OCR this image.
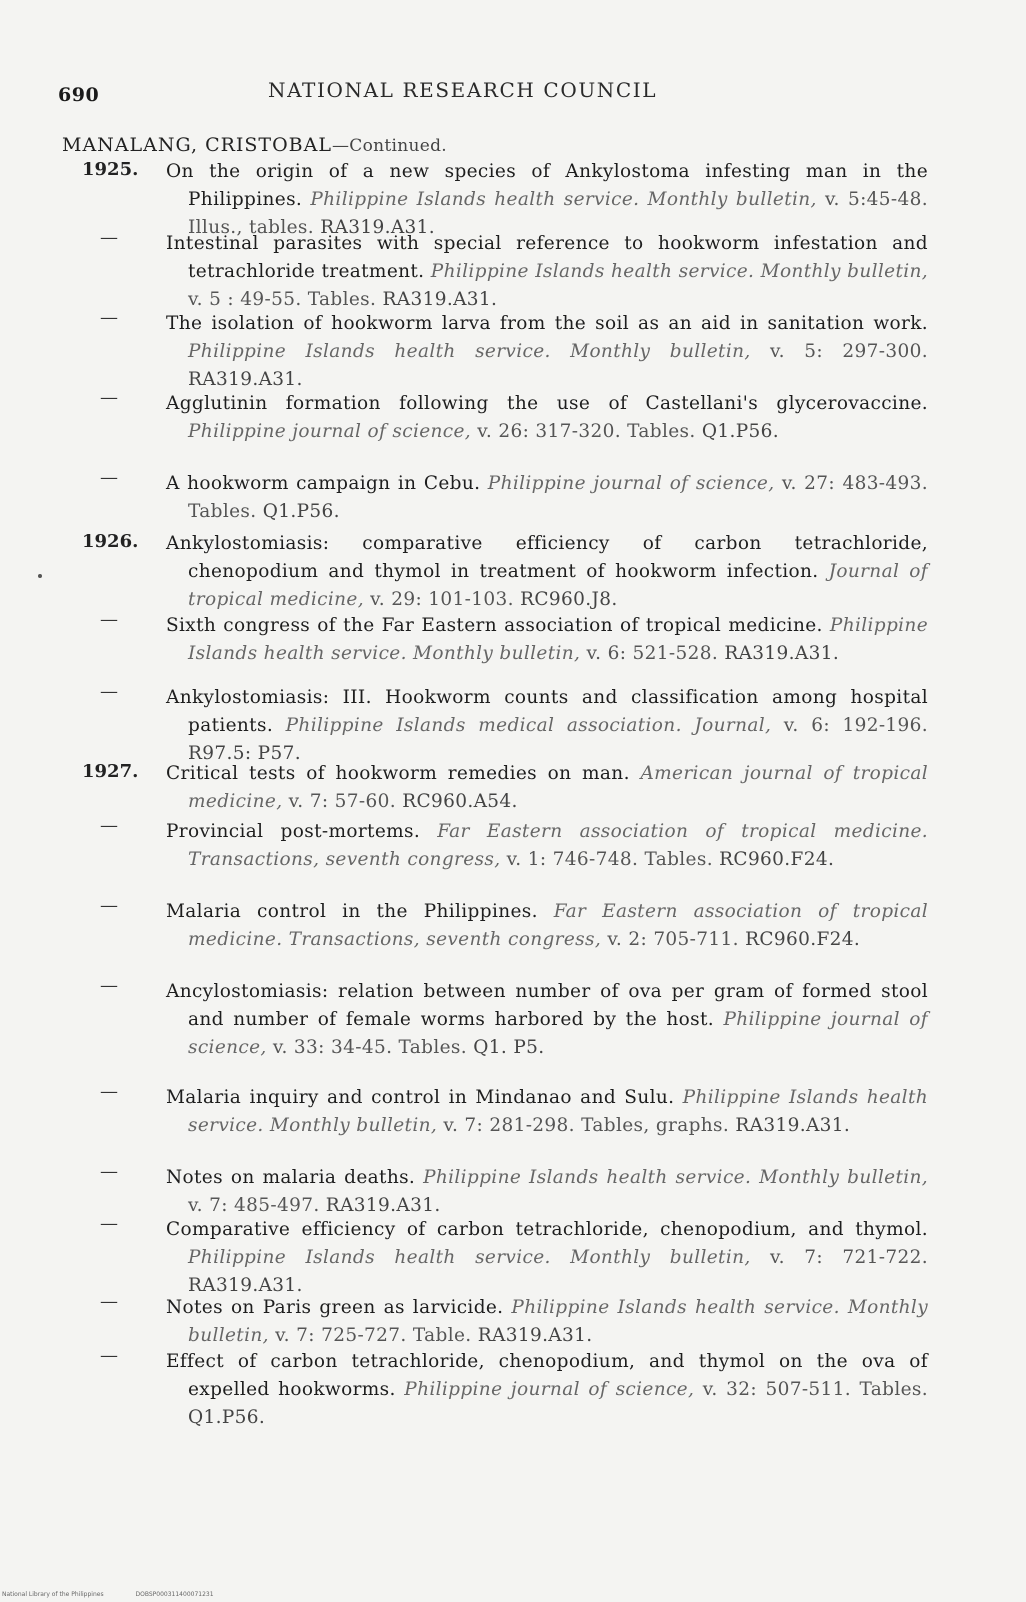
690	NATIONAL RESEARCH COUNCIL
MANALANG, CRISTOBAL—Continued.
1925. On the origin of a new species of Ankylostoma infesting man in the Philippines. Philippine Islands health service. Monthly bulletin, v. 5:45-48. Illus., tables. RA319.A31.
—	Intestinal parasites with special reference to hookworm infestation and tetrachloride treatment. Philippine Islands health service. Monthly bulletin, v. 5 : 49-55. Tables. RA319.A31.
—	The isolation of hookworm larva from the soil as an aid in sanitation work. Philippine Islands health service. Monthly bulletin, v. 5: 297-300. RA319.A31.
—	Agglutinin formation following the use of Castellani's glycerovaccine. Philippine journal of science, v. 26: 317-320. Tables. Q1.P56.
—	A hookworm campaign in Cebu. Philippine journal of science, v. 27: 483-493. Tables. Q1.P56.
1926. Ankylostomiasis: comparative efficiency of carbon tetrachloride, chenopodium and thymol in treatment of hookworm infection. Journal of tropical medicine, v. 29: 101-103. RC960.J8.
—	Sixth congress of the Far Eastern association of tropical medicine. Philippine Islands health service. Monthly bulletin, v. 6: 521-528. RA319.A31.
—	Ankylostomiasis: III. Hookworm counts and classification among hospital patients. Philippine Islands medical association. Journal, v. 6: 192-196. R97.5: P57.
1927. Critical tests of hookworm remedies on man. American journal of tropical medicine, v. 7: 57-60. RC960.A54.
—	Provincial post-mortems. Far Eastern association of tropical medicine. Transactions, seventh congress, v. 1: 746-748. Tables. RC960.F24.
—	Malaria control in the Philippines. Far Eastern association of tropical medicine. Transactions, seventh congress, v. 2: 705-711. RC960.F24.
—	Ancylostomiasis: relation between number of ova per gram of formed stool and number of female worms harbored by the host. Philippine journal of science, v. 33: 34-45. Tables. Q1. P5.
—	Malaria inquiry and control in Mindanao and Sulu. Philippine Islands health service. Monthly bulletin, v. 7: 281-298. Tables, graphs. RA319.A31.
—	Notes on malaria deaths. Philippine Islands health service. Monthly bulletin, v. 7: 485-497. RA319.A31.
—	Comparative efficiency of carbon tetrachloride, chenopodium, and thymol. Philippine Islands health service. Monthly bulletin, v. 7: 721-722. RA319.A31.
—	Notes on Paris green as larvicide. Philippine Islands health service. Monthly bulletin, v. 7: 725-727. Table. RA319.A31.
—	Effect of carbon tetrachloride, chenopodium, and thymol on the ova of expelled hookworms. Philippine journal of science, v. 32: 507-511. Tables. Q1.P56.
National Library of the Philippines	DOBSP000311400071231
